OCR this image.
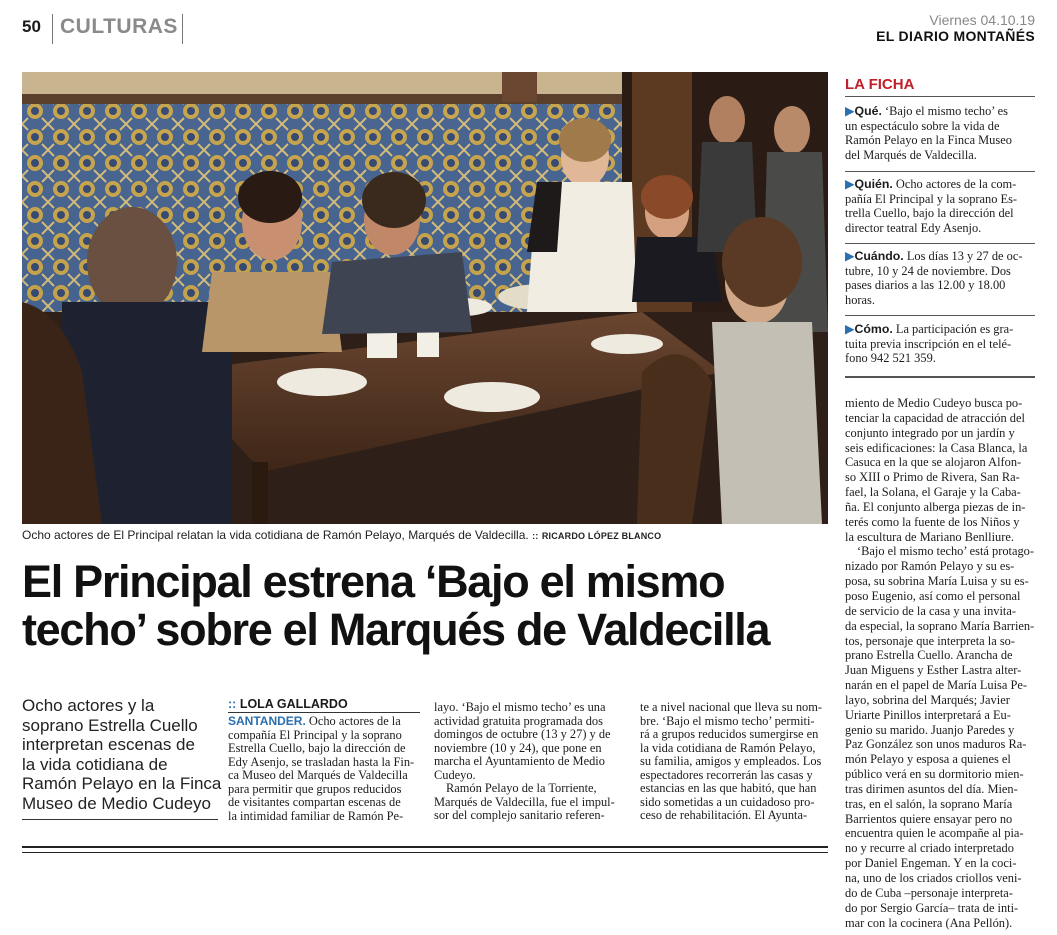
50 CULTURAS	Viernes 04.10.19
EL DIARIO MONTAÑÉS
Ocho actores de El Principal relatan la vida cotidiana de Ramón Pelayo, Marqués de Valdecilla. :: RICARDO LÓPEZ BLANCO
El Principal estrena ‘Bajo el mismo
techo’ sobre el Marqués de Valdecilla
Ocho actores y la
soprano Estrella Cuello
interpretan escenas de
la vida cotidiana de
Ramón Pelayo en la Finca
Museo de Medio Cudeyo
:: LOLA GALLARDO
SANTANDER. Ocho actores de la
compañía El Principal y la soprano
Estrella Cuello, bajo la dirección de
Edy Asenjo, se trasladan hasta la Fin-
ca Museo del Marqués de Valdecilla
para permitir que grupos reducidos
de visitantes compartan escenas de
la intimidad familiar de Ramón Pe-
layo. ‘Bajo el mismo techo’ es una
actividad gratuita programada dos
domingos de octubre (13 y 27) y de
noviembre (10 y 24), que pone en
marcha el Ayuntamiento de Medio
Cudeyo.
Ramón Pelayo de la Torriente,
Marqués de Valdecilla, fue el impul-
sor del complejo sanitario referen-
te a nivel nacional que lleva su nom-
bre. ‘Bajo el mismo techo’ permiti-
rá a grupos reducidos sumergirse en
la vida cotidiana de Ramón Pelayo,
su familia, amigos y empleados. Los
espectadores recorrerán las casas y
estancias en las que habitó, que han
sido sometidas a un cuidadoso pro-
ceso de rehabilitación. El Ayunta-
LA FICHA
▶Qué. ‘Bajo el mismo techo’ es
un espectáculo sobre la vida de
Ramón Pelayo en la Finca Museo
del Marqués de Valdecilla.
▶Quién. Ocho actores de la com-
pañía El Principal y la soprano Es-
trella Cuello, bajo la dirección del
director teatral Edy Asenjo.
▶Cuándo. Los días 13 y 27 de oc-
tubre, 10 y 24 de noviembre. Dos
pases diarios a las 12.00 y 18.00
horas.
▶Cómo. La participación es gra-
tuita previa inscripción en el telé-
fono 942 521 359.
miento de Medio Cudeyo busca po-
tenciar la capacidad de atracción del
conjunto integrado por un jardín y
seis edificaciones: la Casa Blanca, la
Casuca en la que se alojaron Alfon-
so XIII o Primo de Rivera, San Ra-
fael, la Solana, el Garaje y la Caba-
ña. El conjunto alberga piezas de in-
terés como la fuente de los Niños y
la escultura de Mariano Benlliure.
‘Bajo el mismo techo’ está protago-
nizado por Ramón Pelayo y su es-
posa, su sobrina María Luisa y su es-
poso Eugenio, así como el personal
de servicio de la casa y una invita-
da especial, la soprano María Barrien-
tos, personaje que interpreta la so-
prano Estrella Cuello. Arancha de
Juan Miguens y Esther Lastra alter-
narán en el papel de María Luisa Pe-
layo, sobrina del Marqués; Javier
Uriarte Pinillos interpretará a Eu-
genio su marido. Juanjo Paredes y
Paz González son unos maduros Ra-
món Pelayo y esposa a quienes el
público verá en su dormitorio mien-
tras dirimen asuntos del día. Mien-
tras, en el salón, la soprano María
Barrientos quiere ensayar pero no
encuentra quien le acompañe al pia-
no y recurre al criado interpretado
por Daniel Engeman. Y en la coci-
na, uno de los criados criollos veni-
do de Cuba –personaje interpreta-
do por Sergio García– trata de inti-
mar con la cocinera (Ana Pellón).
